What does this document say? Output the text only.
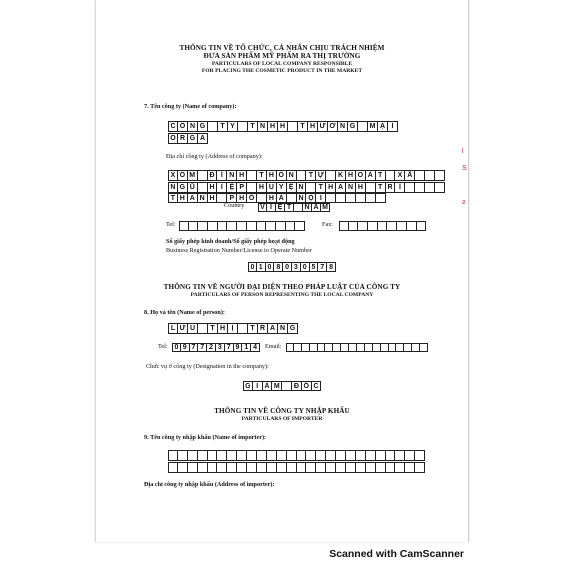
THÔNG TIN VỀ TỔ CHỨC, CÁ NHÂN CHỊU TRÁCH NHIỆM
ĐƯA SẢN PHẨM MỸ PHẨM RA THỊ TRƯỜNG
PARTICULARS OF LOCAL COMPANY RESPONSIBLE
FOR PLACING THE COSMETIC PRODUCT IN THE MARKET
7. Tên công ty (Name of company):
C Ô N G	T Y	T N H H	T H Ư Ơ N G	M Ạ I
O R G A
Địa chỉ công ty (Address of company):
X Ó M	Đ Ì N H	T H Ô N	T Ự	K H O Á T	X Ã
N G Ũ	H I Ệ P	H U Y Ệ N	T H A N H	T R Ì
T H A N H	P H Ố	H À	N Ộ I
Country	V I Ệ T	N A M
Tel:	Fax:
Số giấy phép kinh doanh/Số giấy phép hoạt động
Business Registration Number/License to Operate Number
0 1 0 8 0 3 0 5 7 8
THÔNG TIN VỀ NGƯỜI ĐẠI DIỆN THEO PHÁP LUẬT CỦA CÔNG TY
PARTICULARS OF PERSON REPRESENTING THE LOCAL COMPANY
8. Họ và tên (Name of person):
L Ư U	T H Ị	T R A N G
Tel: 0 9 7 7 2 3 7 9 1 4	Email:
Chức vụ ở công ty (Designation in the company):
G I Á M	Đ Ố C
THÔNG TIN VỀ CÔNG TY NHẬP KHẨU
PARTICULARS OF IMPORTER
9. Tên công ty nhập khẩu (Name of importer):
Địa chỉ công ty nhập khẩu (Address of importer):
Ɩ
S
ƨ
Scanned with CamScanner
